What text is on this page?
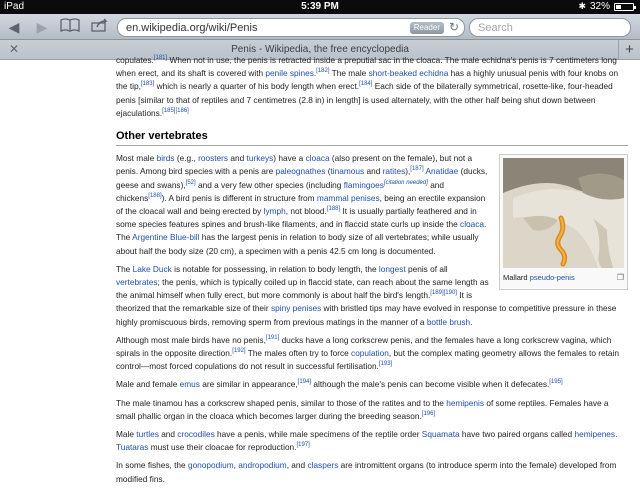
iPad	5:39 PM	✱ 32%
◀ ▶	en.wikipedia.org/wiki/Penis	Reader ↻ Search
✕	Penis - Wikipedia, the free encyclopedia	+

copulates.[181] When not in use, the penis is retracted inside a preputial sac in the cloaca. The male echidna's penis is 7 centimeters long when erect, and its shaft is covered with penile spines.[182] The male short-beaked echidna has a highly unusual penis with four knobs on the tip,[183] which is nearly a quarter of his body length when erect.[184] Each side of the bilaterally symmetrical, rosette-like, four-headed penis [similar to that of reptiles and 7 centimetres (2.8 in) in length] is used alternately, with the other half being shut down between ejaculations.[185][186]

Other vertebrates
Mallard pseudo-penis	❐

Most male birds (e.g., roosters and turkeys) have a cloaca (also present on the female), but not a penis. Among bird species with a penis are paleognathes (tinamous and ratites),[187] Anatidae (ducks, geese and swans),[52] and a very few other species (including flamingoes[citation needed] and chickens[188]). A bird penis is different in structure from mammal penises, being an erectile expansion of the cloacal wall and being erected by lymph, not blood.[188] It is usually partially feathered and in some species features spines and brush-like filaments, and in flaccid state curls up inside the cloaca. The Argentine Blue-bill has the largest penis in relation to body size of all vertebrates; while usually about half the body size (20 cm), a specimen with a penis 42.5 cm long is documented.

The Lake Duck is notable for possessing, in relation to body length, the longest penis of all vertebrates; the penis, which is typically coiled up in flaccid state, can reach about the same length as the animal himself when fully erect, but more commonly is about half the bird's length.[189][190] It is theorized that the remarkable size of their spiny penises with bristled tips may have evolved in response to competitive pressure in these highly promiscuous birds, removing sperm from previous matings in the manner of a bottle brush.

Although most male birds have no penis,[191] ducks have a long corkscrew penis, and the females have a long corkscrew vagina, which spirals in the opposite direction.[192] The males often try to force copulation, but the complex mating geometry allows the females to retain control—most forced copulations do not result in successful fertilisation.[193]

Male and female emus are similar in appearance,[194] although the male's penis can become visible when it defecates.[195]

The male tinamou has a corkscrew shaped penis, similar to those of the ratites and to the hemipenis of some reptiles. Females have a small phallic organ in the cloaca which becomes larger during the breeding season.[196]

Male turtles and crocodiles have a penis, while male specimens of the reptile order Squamata have two paired organs called hemipenes. Tuataras must use their cloacae for reproduction.[197]

In some fishes, the gonopodium, andropodium, and claspers are intromittent organs (to introduce sperm into the female) developed from modified fins.
